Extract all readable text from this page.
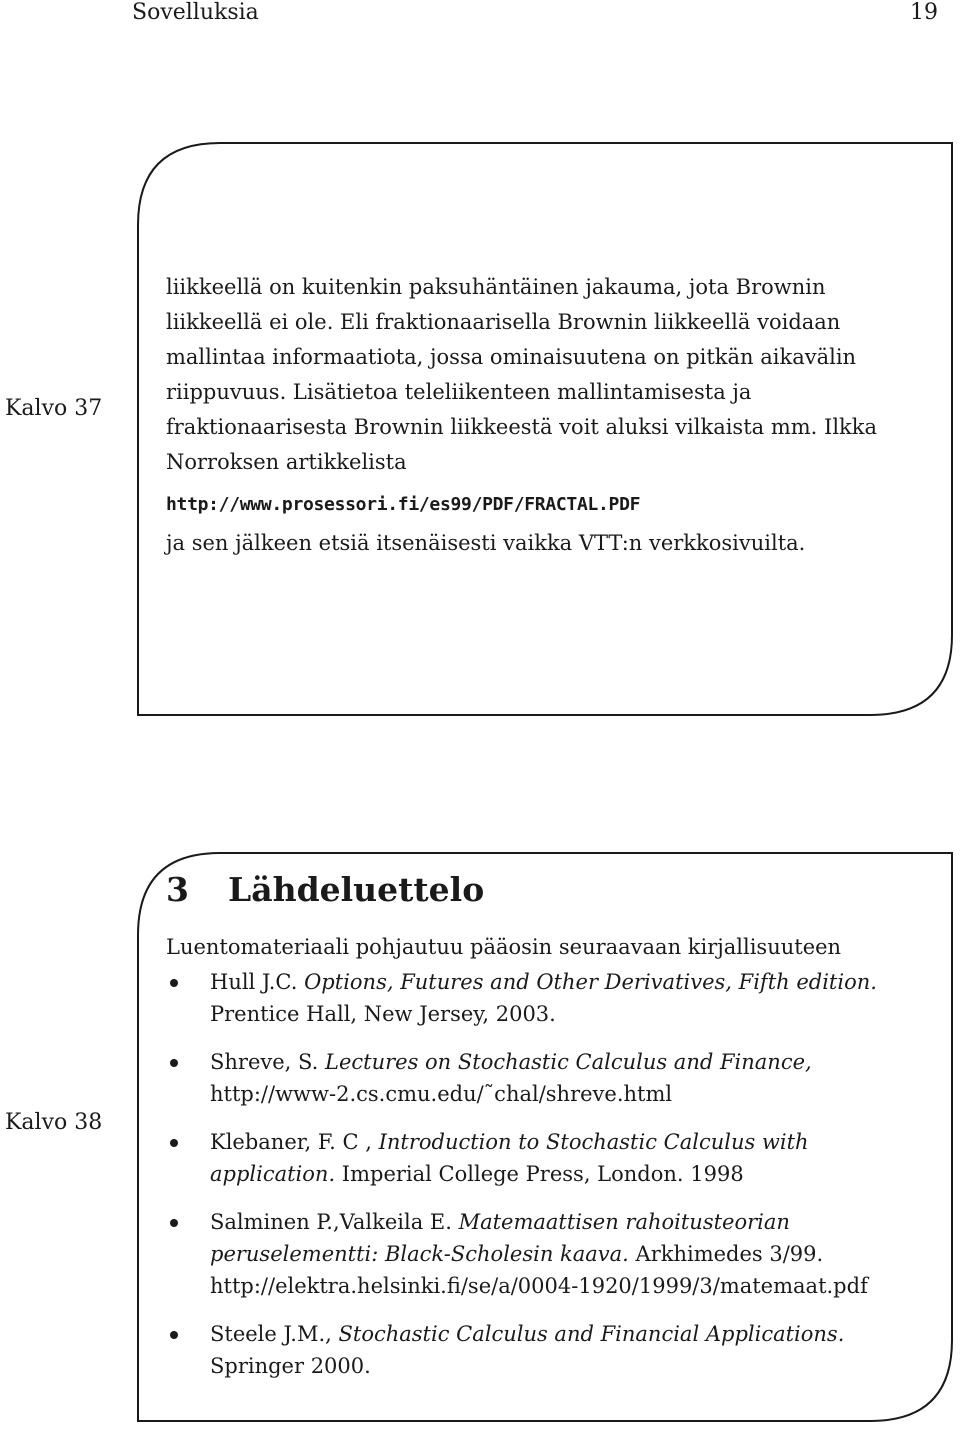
Sovelluksia	19
Kalvo 37

liikkeellä on kuitenkin paksuhäntäinen jakauma, jota Brownin liikkeellä ei ole. Eli fraktionaarisella Brownin liikkeellä voidaan mallintaa informaatiota, jossa ominaisuutena on pitkän aikavälin riippuvuus. Lisätietoa teleliikenteen mallintamisesta ja fraktionaarisesta Brownin liikkeestä voit aluksi vilkaista mm. Ilkka Norroksen artikkelista

http://www.prosessori.fi/es99/PDF/FRACTAL.PDF

ja sen jälkeen etsiä itsenäisesti vaikka VTT:n verkkosivuilta.

Kalvo 38
3 Lähdeluettelo

Luentomateriaali pohjautuu pääosin seuraavaan kirjallisuuteen

Hull J.C. Options, Futures and Other Derivatives, Fifth edition.
Prentice Hall, New Jersey, 2003.
Shreve, S. Lectures on Stochastic Calculus and Finance,
http://www-2.cs.cmu.edu/˜chal/shreve.html
Klebaner, F. C , Introduction to Stochastic Calculus with
application. Imperial College Press, London. 1998
Salminen P.,Valkeila E. Matemaattisen rahoitusteorian
peruselementti: Black-Scholesin kaava. Arkhimedes 3/99.
http://elektra.helsinki.fi/se/a/0004-1920/1999/3/matemaat.pdf
Steele J.M., Stochastic Calculus and Financial Applications.
Springer 2000.
